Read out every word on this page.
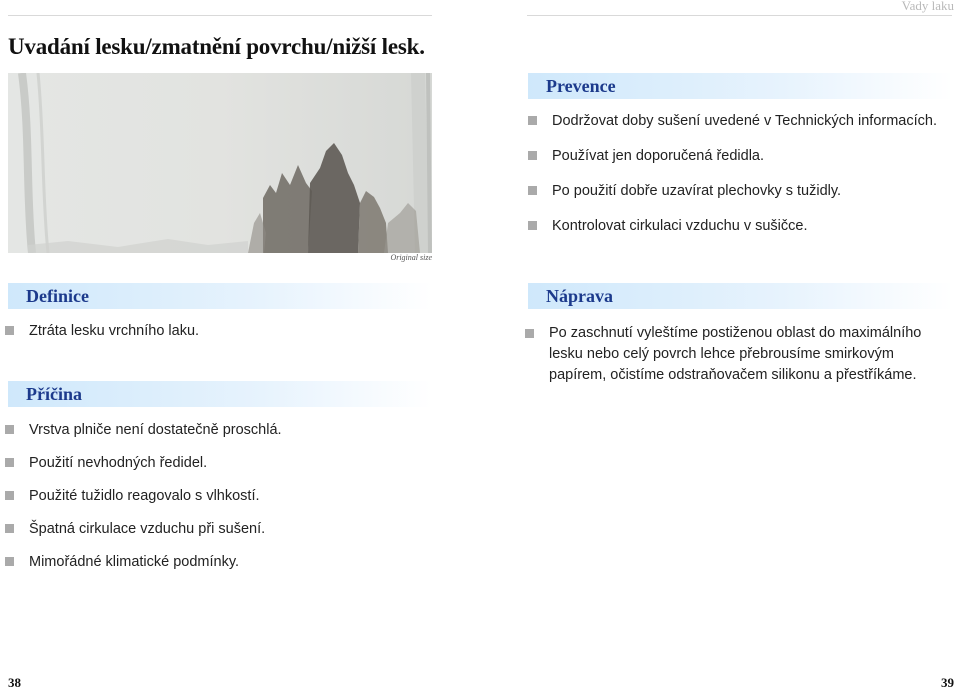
Vady laku
Uvadání lesku/zmatnění povrchu/nižší lesk.
Original size
Prevence
Dodržovat doby sušení uvedené v Technických informacích.
Používat jen doporučená ředidla.
Po použití dobře uzavírat plechovky s tužidly.
Kontrolovat cirkulaci vzduchu v sušičce.
Definice
Ztráta lesku vrchního laku.
Příčina
Vrstva plniče není dostatečně proschlá.
Použití nevhodných ředidel.
Použité tužidlo reagovalo s vlhkostí.
Špatná cirkulace vzduchu při sušení.
Mimořádné klimatické podmínky.
Náprava
Po zaschnutí vyleštíme postiženou oblast do maximálního lesku nebo celý povrch lehce přebrousíme smirkovým papírem, očistíme odstraňovačem silikonu a přestříkáme.
38	39
